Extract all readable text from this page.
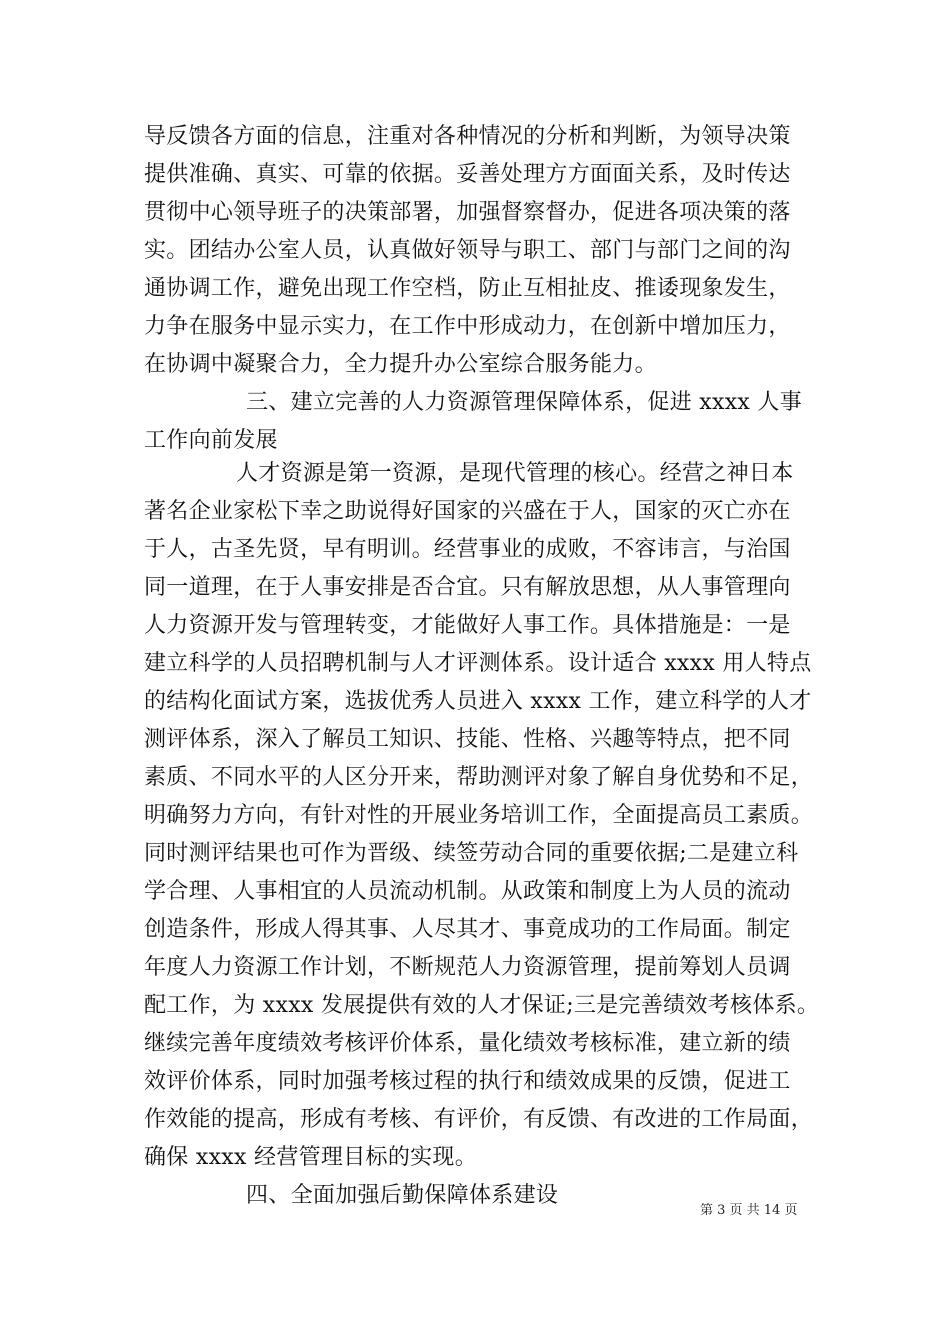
导反馈各方面的信息，注重对各种情况的分析和判断，为领导决策
提供准确、真实、可靠的依据。妥善处理方方面面关系，及时传达
贯彻中心领导班子的决策部署，加强督察督办，促进各项决策的落
实。团结办公室人员，认真做好领导与职工、部门与部门之间的沟
通协调工作，避免出现工作空档，防止互相扯皮、推诿现象发生，
力争在服务中显示实力，在工作中形成动力，在创新中增加压力，
在协调中凝聚合力，全力提升办公室综合服务能力。
三、建立完善的人力资源管理保障体系，促进 xxxx 人事
工作向前发展
人才资源是第一资源，是现代管理的核心。经营之神日本
著名企业家松下幸之助说得好国家的兴盛在于人，国家的灭亡亦在
于人，古圣先贤，早有明训。经营事业的成败，不容讳言，与治国
同一道理，在于人事安排是否合宜。只有解放思想，从人事管理向
人力资源开发与管理转变，才能做好人事工作。具体措施是：一是
建立科学的人员招聘机制与人才评测体系。设计适合 xxxx 用人特点
的结构化面试方案，选拔优秀人员进入 xxxx 工作，建立科学的人才
测评体系，深入了解员工知识、技能、性格、兴趣等特点，把不同
素质、不同水平的人区分开来，帮助测评对象了解自身优势和不足，
明确努力方向，有针对性的开展业务培训工作，全面提高员工素质。
同时测评结果也可作为晋级、续签劳动合同的重要依据;二是建立科
学合理、人事相宜的人员流动机制。从政策和制度上为人员的流动
创造条件，形成人得其事、人尽其才、事竟成功的工作局面。制定
年度人力资源工作计划，不断规范人力资源管理，提前筹划人员调
配工作，为 xxxx 发展提供有效的人才保证;三是完善绩效考核体系。
继续完善年度绩效考核评价体系，量化绩效考核标准，建立新的绩
效评价体系，同时加强考核过程的执行和绩效成果的反馈，促进工
作效能的提高，形成有考核、有评价，有反馈、有改进的工作局面，
确保 xxxx 经营管理目标的实现。
四、全面加强后勤保障体系建设
第 3 页 共 14 页
